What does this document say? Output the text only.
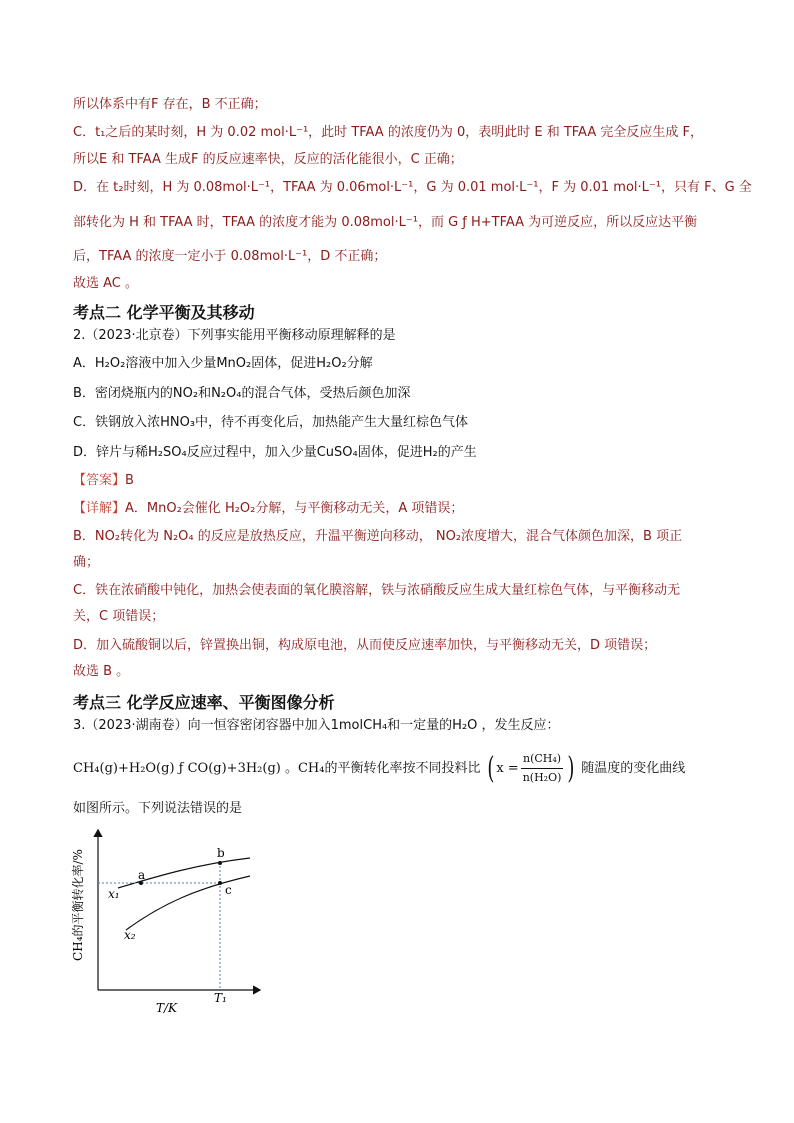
所以体系中有F 存在，B 不正确；
C．t₁之后的某时刻，H 为 0.02 mol·L⁻¹，此时 TFAA 的浓度仍为 0，表明此时 E 和 TFAA 完全反应生成 F，
所以E 和 TFAA 生成F 的反应速率快，反应的活化能很小，C 正确；
D．在 t₂时刻，H 为 0.08mol·L⁻¹，TFAA 为 0.06mol·L⁻¹，G 为 0.01 mol·L⁻¹，F 为 0.01 mol·L⁻¹，只有 F、G 全
部转化为 H 和 TFAA 时，TFAA 的浓度才能为 0.08mol·L⁻¹，而 G ƒ H+TFAA 为可逆反应，所以反应达平衡
后，TFAA 的浓度一定小于 0.08mol·L⁻¹，D 不正确；
故选 AC 。
考点二 化学平衡及其移动
2.（2023·北京卷）下列事实能用平衡移动原理解释的是
A．H₂O₂溶液中加入少量MnO₂固体，促进H₂O₂分解
B．密闭烧瓶内的NO₂和N₂O₄的混合气体，受热后颜色加深
C．铁钢放入浓HNO₃中，待不再变化后，加热能产生大量红棕色气体
D．锌片与稀H₂SO₄反应过程中，加入少量CuSO₄固体，促进H₂的产生
【答案】B
【详解】A．MnO₂会催化 H₂O₂分解，与平衡移动无关，A 项错误；
B．NO₂转化为 N₂O₄ 的反应是放热反应，升温平衡逆向移动， NO₂浓度增大，混合气体颜色加深，B 项正
确；
C．铁在浓硝酸中钝化，加热会使表面的氧化膜溶解，铁与浓硝酸反应生成大量红棕色气体，与平衡移动无
关，C 项错误；
D．加入硫酸铜以后，锌置换出铜，构成原电池，从而使反应速率加快，与平衡移动无关，D 项错误；
故选 B 。
考点三 化学反应速率、平衡图像分析
3.（2023·湖南卷）向一恒容密闭容器中加入1molCH₄和一定量的H₂O ，发生反应：
CH₄(g)+H₂O(g) ƒ CO(g)+3H₂(g) 。CH₄的平衡转化率按不同投料比 ( $x = \frac{\text{n(CH₄)}}{\text{n(H₂O)}}$ ) 随温度的变化曲线
如图所示。下列说法错误的是
CH₄的平衡转化率/%	a
b
c
x₁
x₂
T/K
T₁
